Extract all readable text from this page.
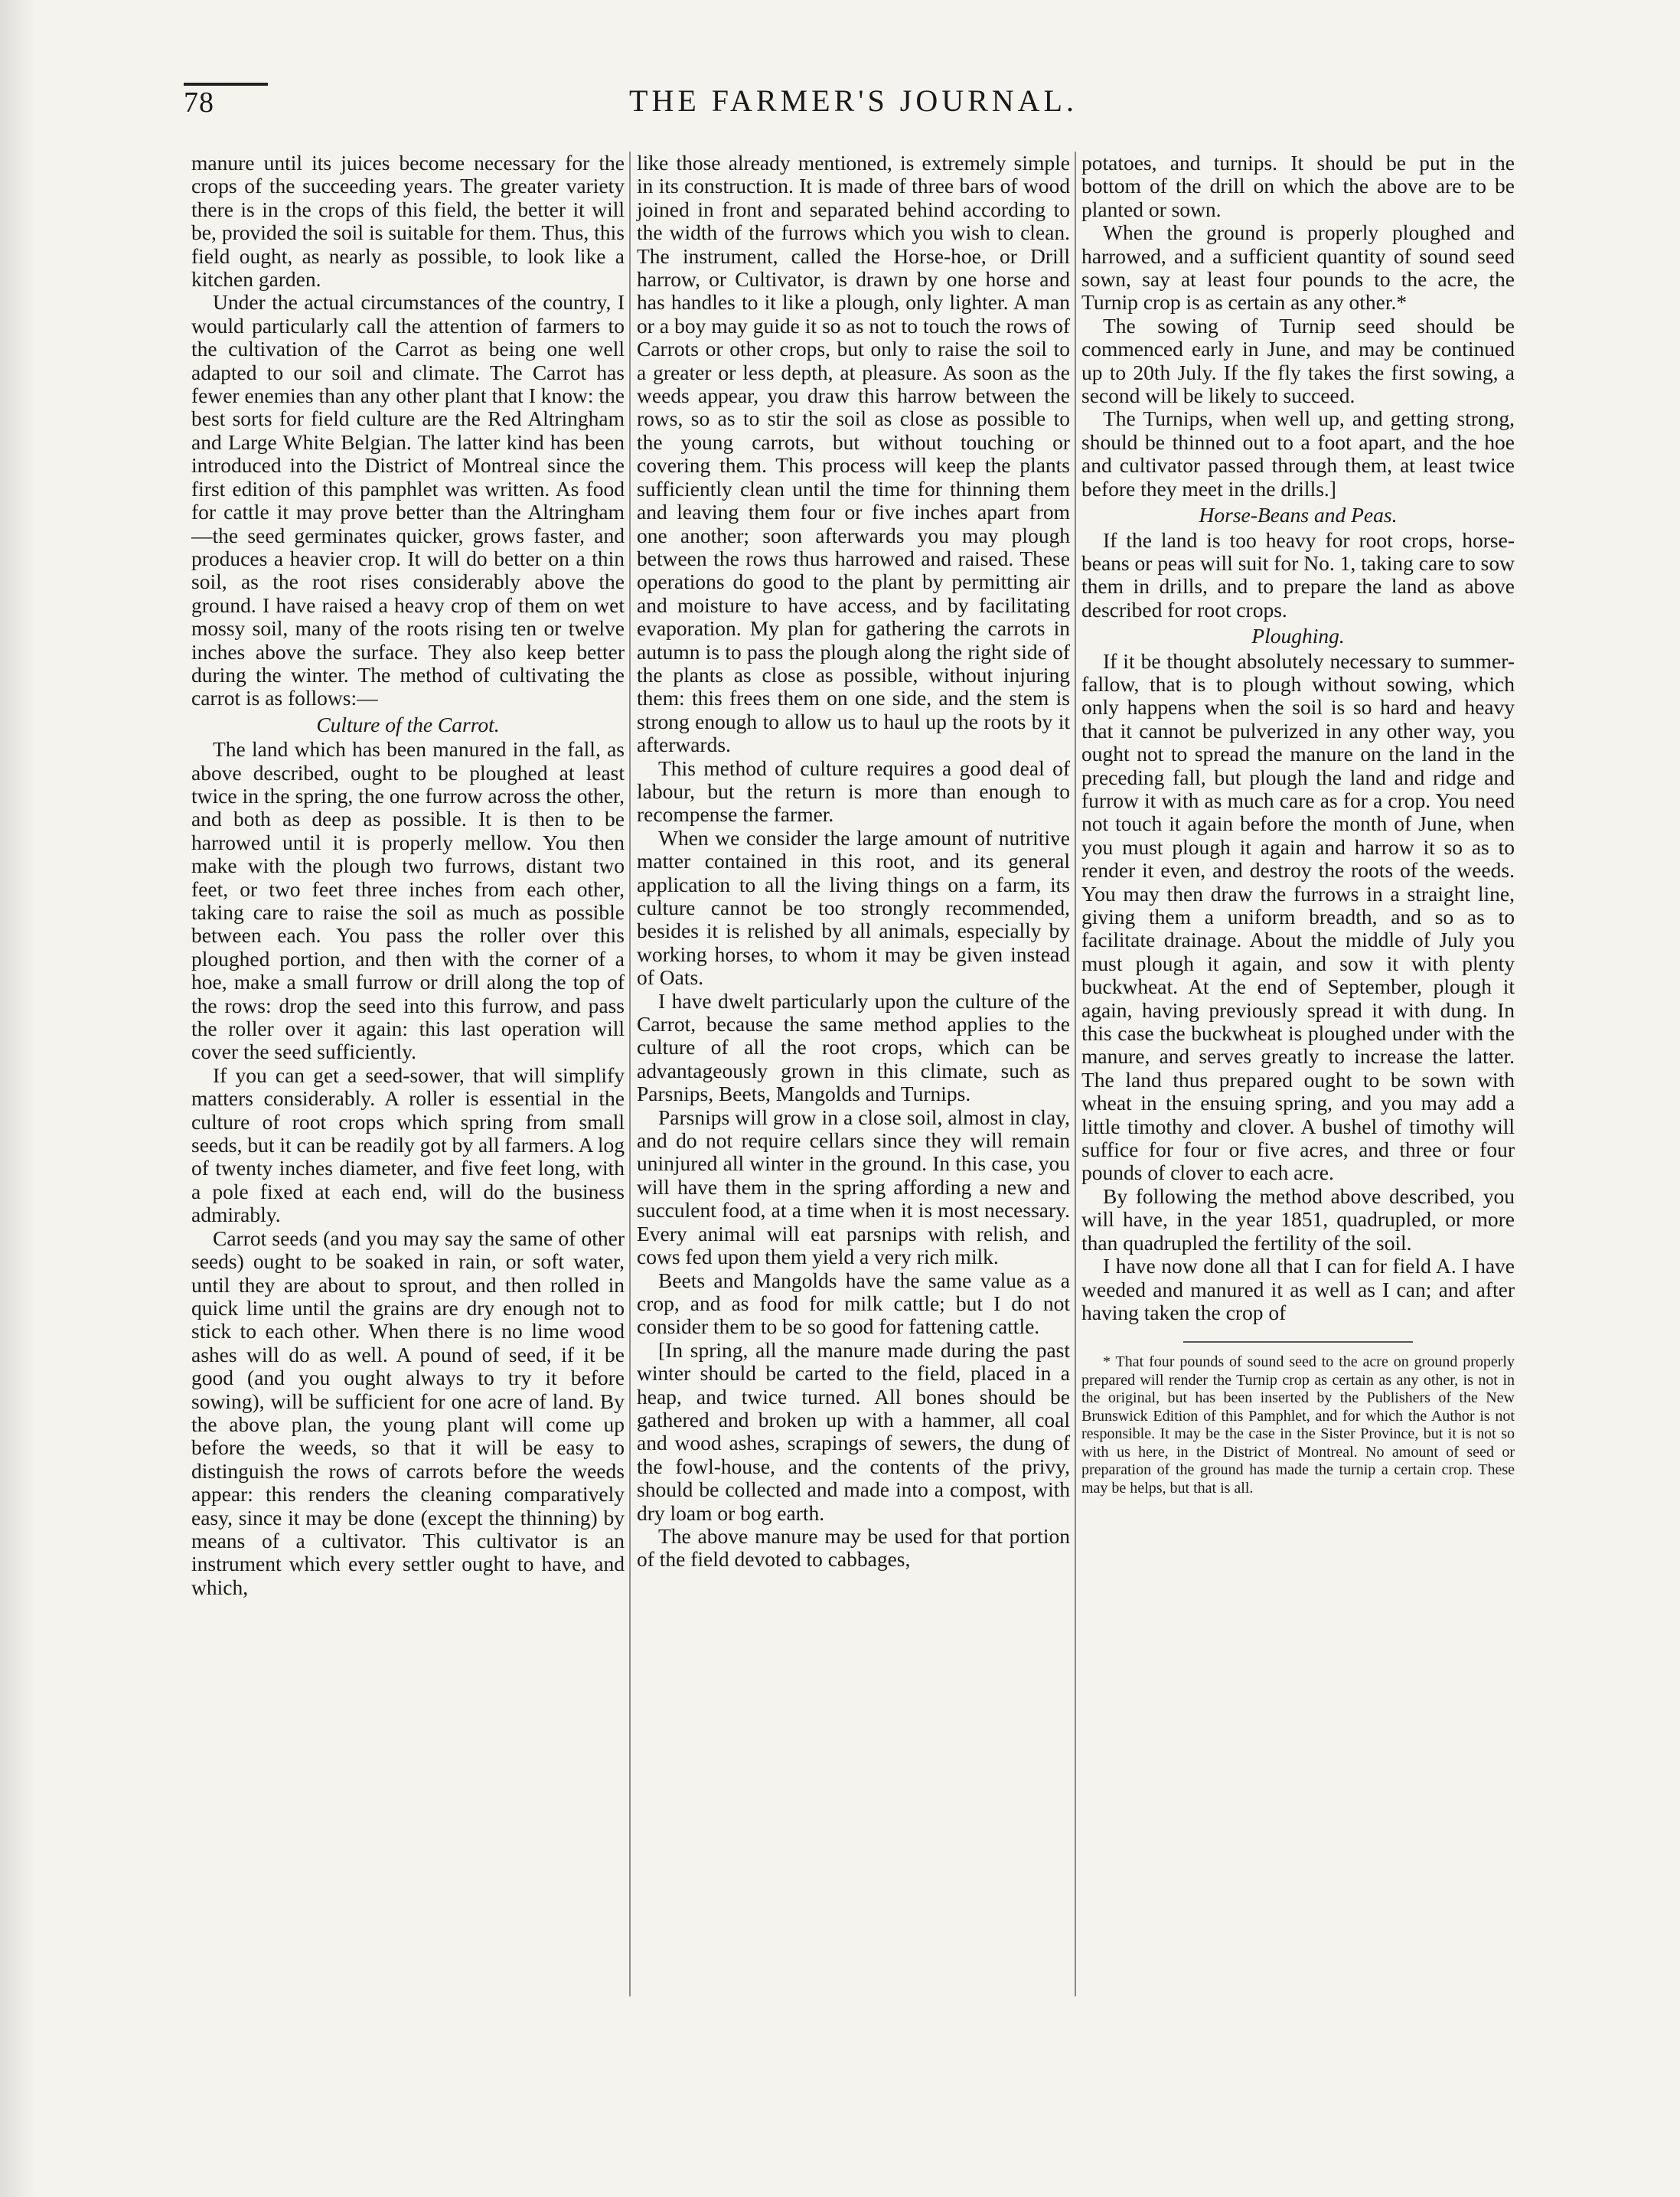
78	THE FARMER'S JOURNAL.

manure until its juices become necessary for the crops of the succeeding years. The greater variety there is in the crops of this field, the better it will be, provided the soil is suitable for them. Thus, this field ought, as nearly as possible, to look like a kitchen garden.

Under the actual circumstances of the country, I would particularly call the attention of farmers to the cultivation of the Carrot as being one well adapted to our soil and climate. The Carrot has fewer enemies than any other plant that I know: the best sorts for field culture are the Red Altringham and Large White Belgian. The latter kind has been introduced into the District of Montreal since the first edition of this pamphlet was written. As food for cattle it may prove better than the Altringham—the seed germinates quicker, grows faster, and produces a heavier crop. It will do better on a thin soil, as the root rises considerably above the ground. I have raised a heavy crop of them on wet mossy soil, many of the roots rising ten or twelve inches above the surface. They also keep better during the winter. The method of cultivating the carrot is as follows:—

Culture of the Carrot.

The land which has been manured in the fall, as above described, ought to be ploughed at least twice in the spring, the one furrow across the other, and both as deep as possible. It is then to be harrowed until it is properly mellow. You then make with the plough two furrows, distant two feet, or two feet three inches from each other, taking care to raise the soil as much as possible between each. You pass the roller over this ploughed portion, and then with the corner of a hoe, make a small furrow or drill along the top of the rows: drop the seed into this furrow, and pass the roller over it again: this last operation will cover the seed sufficiently.

If you can get a seed-sower, that will simplify matters considerably. A roller is essential in the culture of root crops which spring from small seeds, but it can be readily got by all farmers. A log of twenty inches diameter, and five feet long, with a pole fixed at each end, will do the business admirably.

Carrot seeds (and you may say the same of other seeds) ought to be soaked in rain, or soft water, until they are about to sprout, and then rolled in quick lime until the grains are dry enough not to stick to each other. When there is no lime wood ashes will do as well. A pound of seed, if it be good (and you ought always to try it before sowing), will be sufficient for one acre of land. By the above plan, the young plant will come up before the weeds, so that it will be easy to distinguish the rows of carrots before the weeds appear: this renders the cleaning comparatively easy, since it may be done (except the thinning) by means of a cultivator. This cultivator is an instrument which every settler ought to have, and which,

like those already mentioned, is extremely simple in its construction. It is made of three bars of wood joined in front and separated behind according to the width of the furrows which you wish to clean. The instrument, called the Horse-hoe, or Drill harrow, or Cultivator, is drawn by one horse and has handles to it like a plough, only lighter. A man or a boy may guide it so as not to touch the rows of Carrots or other crops, but only to raise the soil to a greater or less depth, at pleasure. As soon as the weeds appear, you draw this harrow between the rows, so as to stir the soil as close as possible to the young carrots, but without touching or covering them. This process will keep the plants sufficiently clean until the time for thinning them and leaving them four or five inches apart from one another; soon afterwards you may plough between the rows thus harrowed and raised. These operations do good to the plant by permitting air and moisture to have access, and by facilitating evaporation. My plan for gathering the carrots in autumn is to pass the plough along the right side of the plants as close as possible, without injuring them: this frees them on one side, and the stem is strong enough to allow us to haul up the roots by it afterwards.

This method of culture requires a good deal of labour, but the return is more than enough to recompense the farmer.

When we consider the large amount of nutritive matter contained in this root, and its general application to all the living things on a farm, its culture cannot be too strongly recommended, besides it is relished by all animals, especially by working horses, to whom it may be given instead of Oats.

I have dwelt particularly upon the culture of the Carrot, because the same method applies to the culture of all the root crops, which can be advantageously grown in this climate, such as Parsnips, Beets, Mangolds and Turnips.

Parsnips will grow in a close soil, almost in clay, and do not require cellars since they will remain uninjured all winter in the ground. In this case, you will have them in the spring affording a new and succulent food, at a time when it is most necessary. Every animal will eat parsnips with relish, and cows fed upon them yield a very rich milk.

Beets and Mangolds have the same value as a crop, and as food for milk cattle; but I do not consider them to be so good for fattening cattle.

[In spring, all the manure made during the past winter should be carted to the field, placed in a heap, and twice turned. All bones should be gathered and broken up with a hammer, all coal and wood ashes, scrapings of sewers, the dung of the fowl-house, and the contents of the privy, should be collected and made into a compost, with dry loam or bog earth.

The above manure may be used for that portion of the field devoted to cabbages,

potatoes, and turnips. It should be put in the bottom of the drill on which the above are to be planted or sown.

When the ground is properly ploughed and harrowed, and a sufficient quantity of sound seed sown, say at least four pounds to the acre, the Turnip crop is as certain as any other.*

The sowing of Turnip seed should be commenced early in June, and may be continued up to 20th July. If the fly takes the first sowing, a second will be likely to succeed.

The Turnips, when well up, and getting strong, should be thinned out to a foot apart, and the hoe and cultivator passed through them, at least twice before they meet in the drills.]

Horse-Beans and Peas.

If the land is too heavy for root crops, horse-beans or peas will suit for No. 1, taking care to sow them in drills, and to prepare the land as above described for root crops.

Ploughing.

If it be thought absolutely necessary to summer-fallow, that is to plough without sowing, which only happens when the soil is so hard and heavy that it cannot be pulverized in any other way, you ought not to spread the manure on the land in the preceding fall, but plough the land and ridge and furrow it with as much care as for a crop. You need not touch it again before the month of June, when you must plough it again and harrow it so as to render it even, and destroy the roots of the weeds. You may then draw the furrows in a straight line, giving them a uniform breadth, and so as to facilitate drainage. About the middle of July you must plough it again, and sow it with plenty buckwheat. At the end of September, plough it again, having previously spread it with dung. In this case the buckwheat is ploughed under with the manure, and serves greatly to increase the latter. The land thus prepared ought to be sown with wheat in the ensuing spring, and you may add a little timothy and clover. A bushel of timothy will suffice for four or five acres, and three or four pounds of clover to each acre.

By following the method above described, you will have, in the year 1851, quadrupled, or more than quadrupled the fertility of the soil.

I have now done all that I can for field A. I have weeded and manured it as well as I can; and after having taken the crop of

* That four pounds of sound seed to the acre on ground properly prepared will render the Turnip crop as certain as any other, is not in the original, but has been inserted by the Publishers of the New Brunswick Edition of this Pamphlet, and for which the Author is not responsible. It may be the case in the Sister Province, but it is not so with us here, in the District of Montreal. No amount of seed or preparation of the ground has made the turnip a certain crop. These may be helps, but that is all.
